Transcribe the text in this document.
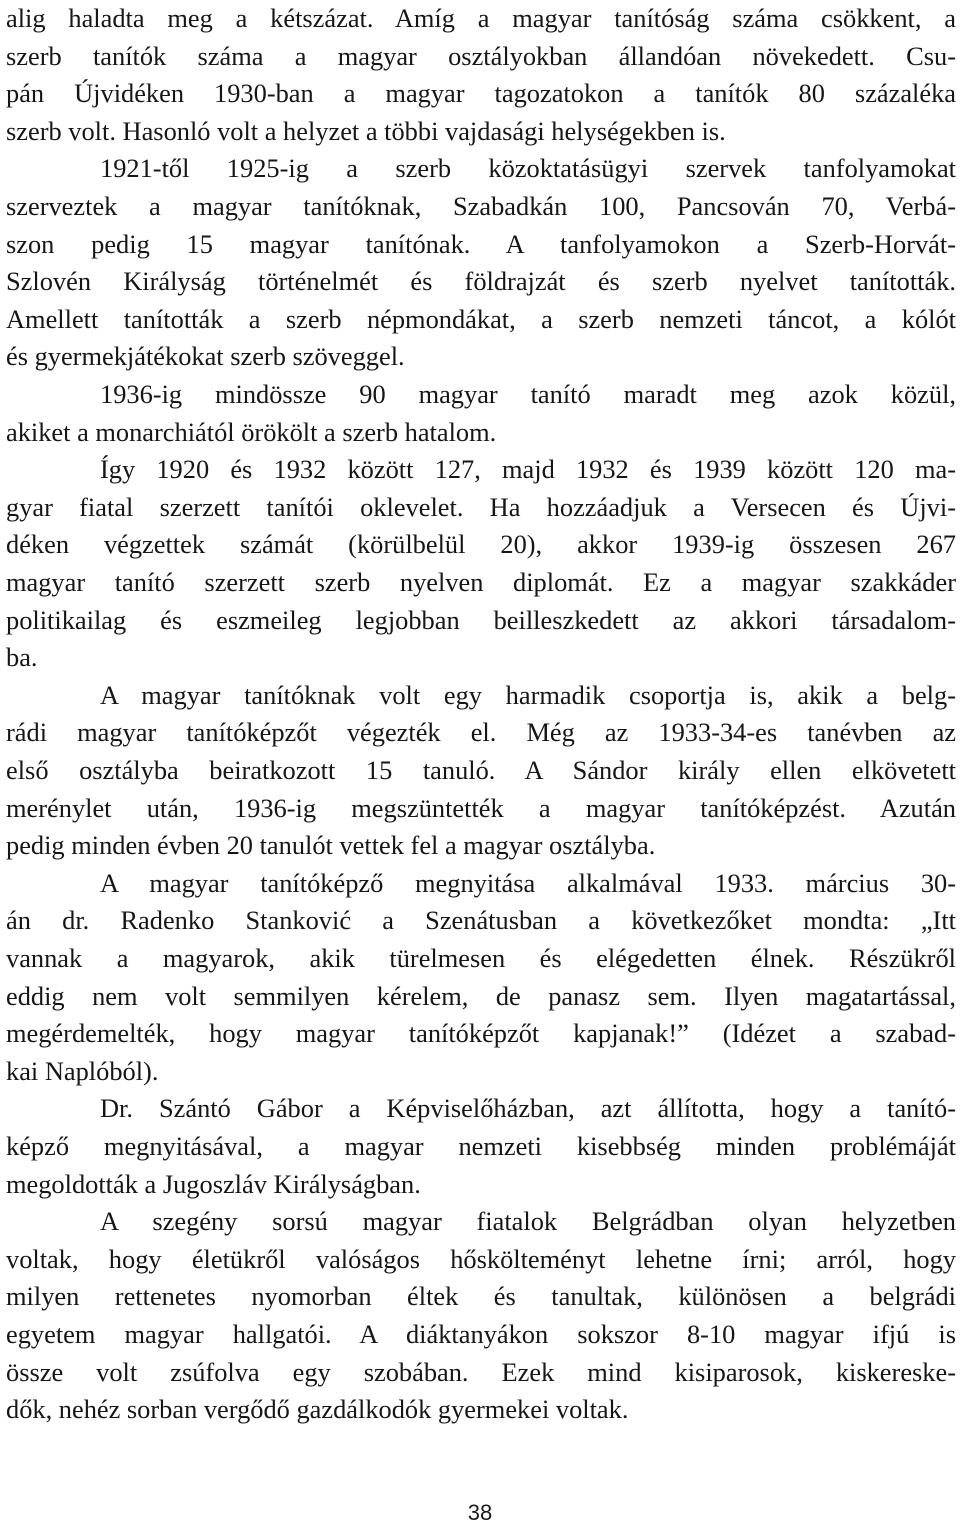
alig haladta meg a kétszázat. Amíg a magyar tanítóság száma csökkent, a
szerb tanítók száma a magyar osztályokban állandóan növekedett. Csu-
pán Újvidéken 1930-ban a magyar tagozatokon a tanítók 80 százaléka
szerb volt. Hasonló volt a helyzet a többi vajdasági helységekben is.
1921-től 1925-ig a szerb közoktatásügyi szervek tanfolyamokat
szerveztek a magyar tanítóknak, Szabadkán 100, Pancsován 70, Verbá-
szon pedig 15 magyar tanítónak. A tanfolyamokon a Szerb-Horvát-
Szlovén Királyság történelmét és földrajzát és szerb nyelvet tanították.
Amellett tanították a szerb népmondákat, a szerb nemzeti táncot, a kólót
és gyermekjátékokat szerb szöveggel.
1936-ig mindössze 90 magyar tanító maradt meg azok közül,
akiket a monarchiától örökölt a szerb hatalom.
Így 1920 és 1932 között 127, majd 1932 és 1939 között 120 ma-
gyar fiatal szerzett tanítói oklevelet. Ha hozzáadjuk a Versecen és Újvi-
déken végzettek számát (körülbelül 20), akkor 1939-ig összesen 267
magyar tanító szerzett szerb nyelven diplomát. Ez a magyar szakkáder
politikailag és eszmeileg legjobban beilleszkedett az akkori társadalom-
ba.
A magyar tanítóknak volt egy harmadik csoportja is, akik a belg-
rádi magyar tanítóképzőt végezték el. Még az 1933-34-es tanévben az
első osztályba beiratkozott 15 tanuló. A Sándor király ellen elkövetett
merénylet után, 1936-ig megszüntették a magyar tanítóképzést. Azután
pedig minden évben 20 tanulót vettek fel a magyar osztályba.
A magyar tanítóképző megnyitása alkalmával 1933. március 30-
án dr. Radenko Stanković a Szenátusban a következőket mondta: „Itt
vannak a magyarok, akik türelmesen és elégedetten élnek. Részükről
eddig nem volt semmilyen kérelem, de panasz sem. Ilyen magatartással,
megérdemelték, hogy magyar tanítóképzőt kapjanak!” (Idézet a szabad-
kai Naplóból).
Dr. Szántó Gábor a Képviselőházban, azt állította, hogy a tanító-
képző megnyitásával, a magyar nemzeti kisebbség minden problémáját
megoldották a Jugoszláv Királyságban.
A szegény sorsú magyar fiatalok Belgrádban olyan helyzetben
voltak, hogy életükről valóságos hőskölteményt lehetne írni; arról, hogy
milyen rettenetes nyomorban éltek és tanultak, különösen a belgrádi
egyetem magyar hallgatói. A diáktanyákon sokszor 8-10 magyar ifjú is
össze volt zsúfolva egy szobában. Ezek mind kisiparosok, kiskereske-
dők, nehéz sorban vergődő gazdálkodók gyermekei voltak.
38
